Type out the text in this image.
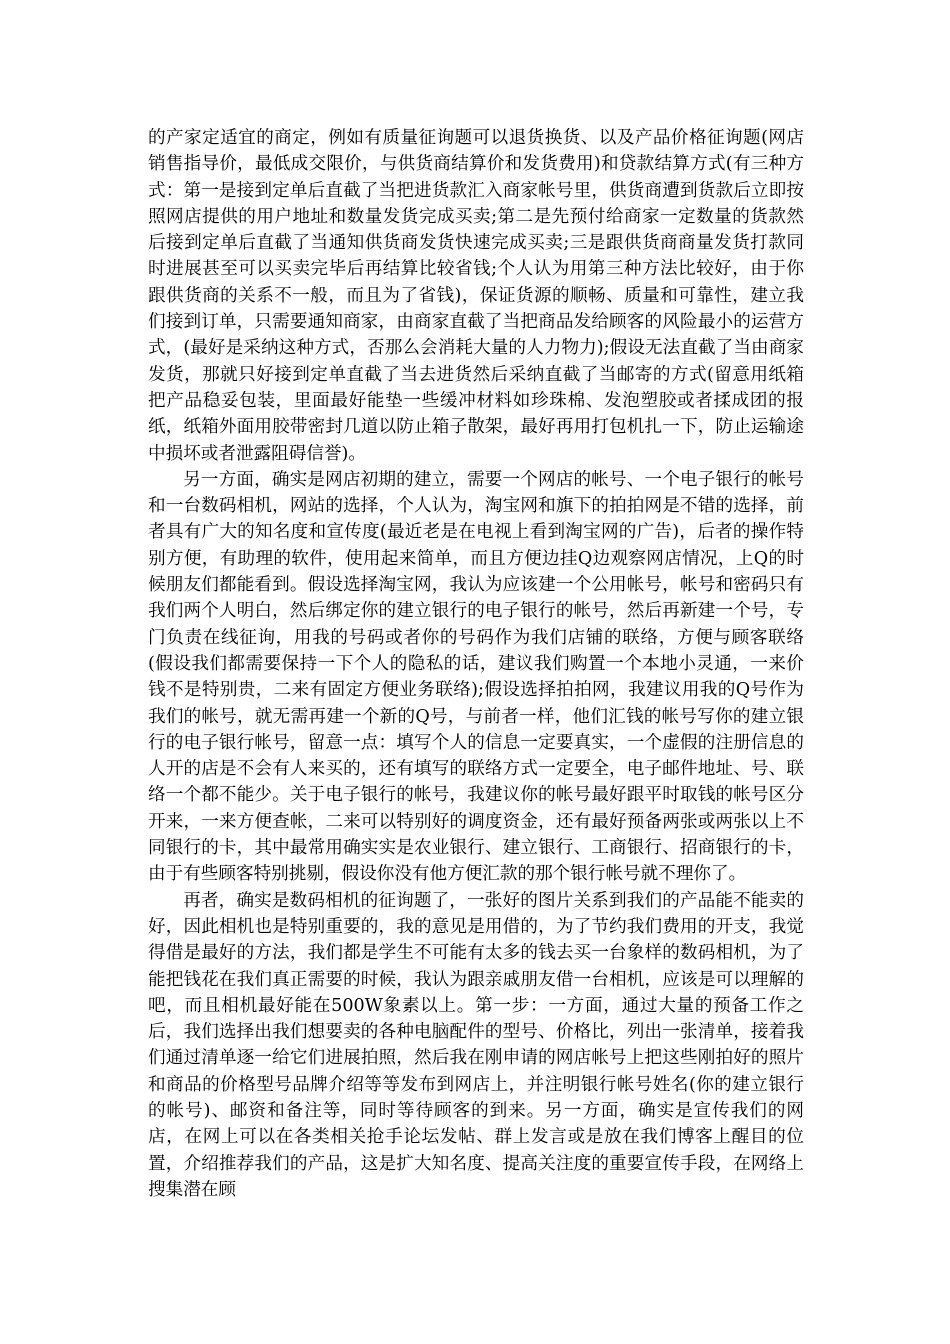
的产家定适宜的商定，例如有质量征询题可以退货换货、以及产品价格征询题(网店销售指导价，最低成交限价，与供货商结算价和发货费用)和贷款结算方式(有三种方式：第一是接到定单后直截了当把进货款汇入商家帐号里，供货商遭到货款后立即按照网店提供的用户地址和数量发货完成买卖;第二是先预付给商家一定数量的货款然后接到定单后直截了当通知供货商发货快速完成买卖;三是跟供货商商量发货打款同时进展甚至可以买卖完毕后再结算比较省钱;个人认为用第三种方法比较好，由于你跟供货商的关系不一般，而且为了省钱)，保证货源的顺畅、质量和可靠性，建立我们接到订单，只需要通知商家，由商家直截了当把商品发给顾客的风险最小的运营方式，(最好是采纳这种方式，否那么会消耗大量的人力物力);假设无法直截了当由商家发货，那就只好接到定单直截了当去进货然后采纳直截了当邮寄的方式(留意用纸箱把产品稳妥包装，里面最好能垫一些缓冲材料如珍珠棉、发泡塑胶或者揉成团的报纸，纸箱外面用胶带密封几道以防止箱子散架，最好再用打包机扎一下，防止运输途中损坏或者泄露阻碍信誉)。

另一方面，确实是网店初期的建立，需要一个网店的帐号、一个电子银行的帐号和一台数码相机，网站的选择，个人认为，淘宝网和旗下的拍拍网是不错的选择，前者具有广大的知名度和宣传度(最近老是在电视上看到淘宝网的广告)，后者的操作特别方便，有助理的软件，使用起来简单，而且方便边挂Q边观察网店情况，上Q的时候朋友们都能看到。假设选择淘宝网，我认为应该建一个公用帐号，帐号和密码只有我们两个人明白，然后绑定你的建立银行的电子银行的帐号，然后再新建一个号，专门负责在线征询，用我的号码或者你的号码作为我们店铺的联络，方便与顾客联络(假设我们都需要保持一下个人的隐私的话，建议我们购置一个本地小灵通，一来价钱不是特别贵，二来有固定方便业务联络);假设选择拍拍网，我建议用我的Q号作为我们的帐号，就无需再建一个新的Q号，与前者一样，他们汇钱的帐号写你的建立银行的电子银行帐号，留意一点：填写个人的信息一定要真实，一个虚假的注册信息的人开的店是不会有人来买的，还有填写的联络方式一定要全，电子邮件地址、号、联络一个都不能少。关于电子银行的帐号，我建议你的帐号最好跟平时取钱的帐号区分开来，一来方便查帐，二来可以特别好的调度资金，还有最好预备两张或两张以上不同银行的卡，其中最常用确实实是农业银行、建立银行、工商银行、招商银行的卡，由于有些顾客特别挑剔，假设你没有他方便汇款的那个银行帐号就不理你了。

再者，确实是数码相机的征询题了，一张好的图片关系到我们的产品能不能卖的好，因此相机也是特别重要的，我的意见是用借的，为了节约我们费用的开支，我觉得借是最好的方法，我们都是学生不可能有太多的钱去买一台象样的数码相机，为了能把钱花在我们真正需要的时候，我认为跟亲戚朋友借一台相机，应该是可以理解的吧，而且相机最好能在500W象素以上。第一步：一方面，通过大量的预备工作之后，我们选择出我们想要卖的各种电脑配件的型号、价格比，列出一张清单，接着我们通过清单逐一给它们进展拍照，然后我在刚申请的网店帐号上把这些刚拍好的照片和商品的价格型号品牌介绍等等发布到网店上，并注明银行帐号姓名(你的建立银行的帐号)、邮资和备注等，同时等待顾客的到来。另一方面，确实是宣传我们的网店，在网上可以在各类相关抢手论坛发帖、群上发言或是放在我们博客上醒目的位置，介绍推荐我们的产品，这是扩大知名度、提高关注度的重要宣传手段，在网络上搜集潜在顾
